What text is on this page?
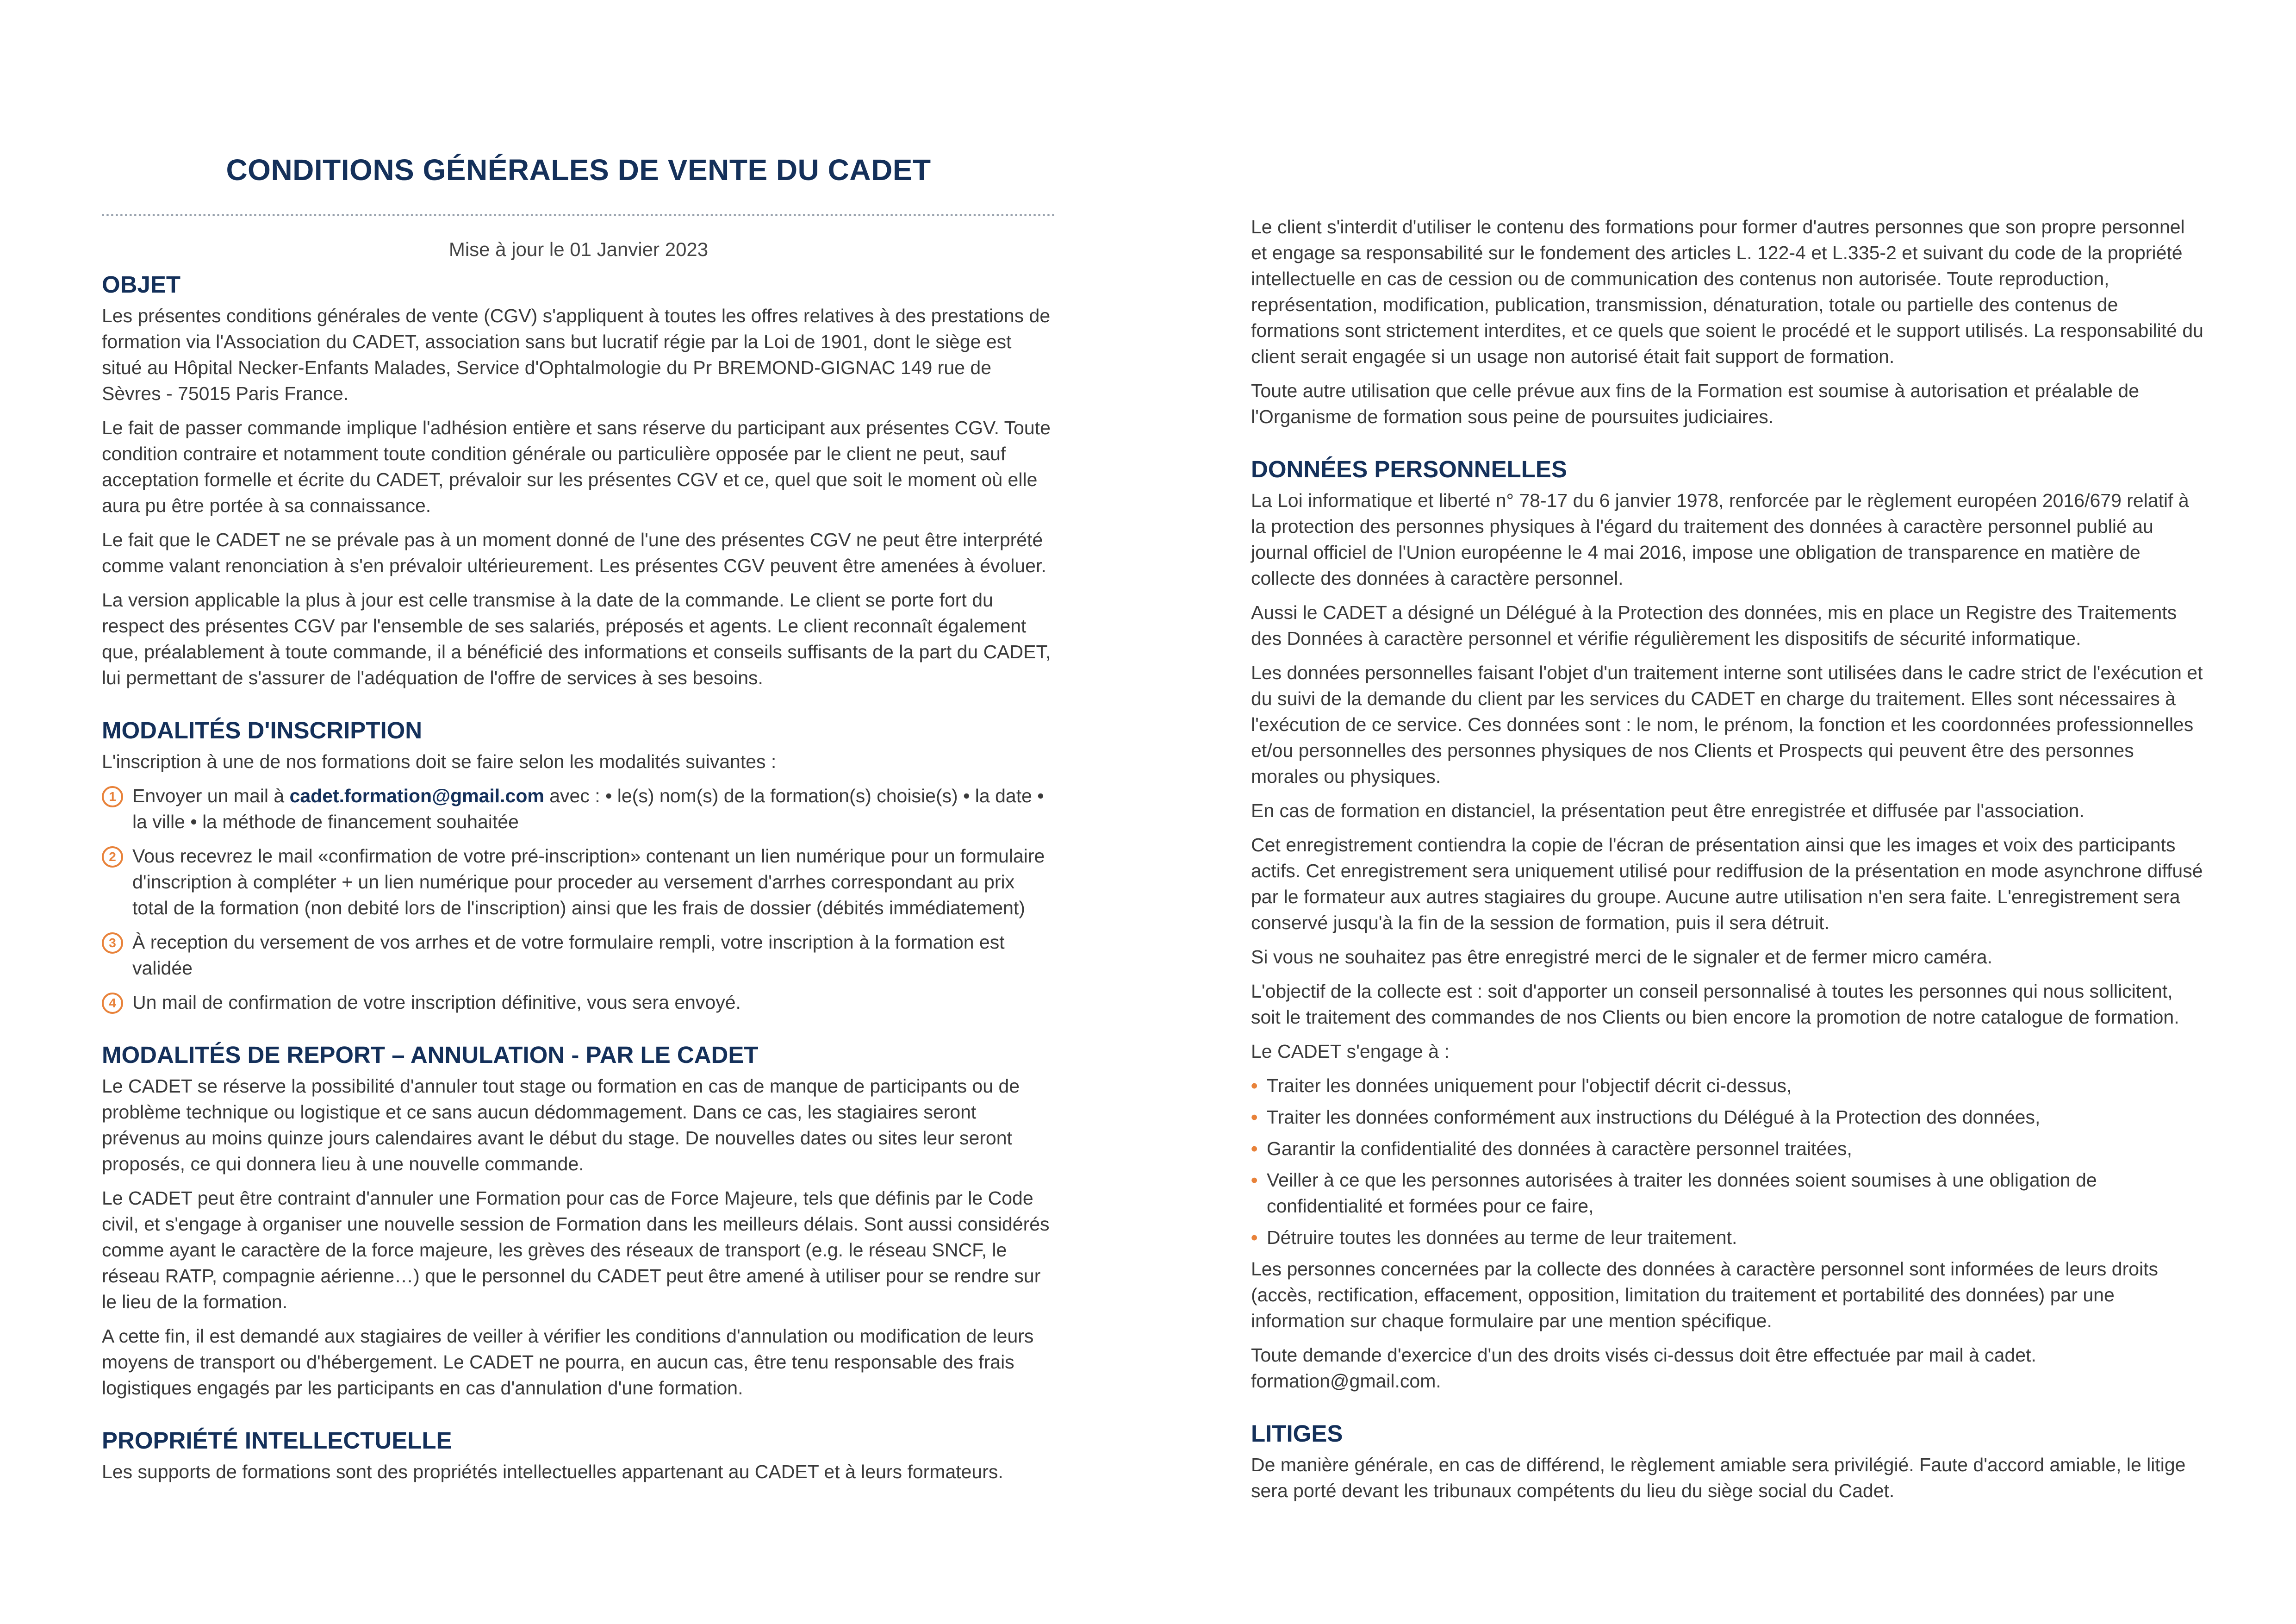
CONDITIONS GÉNÉRALES DE VENTE DU CADET

Mise à jour le 01 Janvier 2023

OBJET

Les présentes conditions générales de vente (CGV) s'appliquent à toutes les offres relatives à des prestations de formation via l'Association du CADET, association sans but lucratif régie par la Loi de 1901, dont le siège est situé au Hôpital Necker-Enfants Malades, Service d'Ophtalmologie du Pr BREMOND-GIGNAC 149 rue de Sèvres - 75015 Paris France.

Le fait de passer commande implique l'adhésion entière et sans réserve du participant aux présentes CGV. Toute condition contraire et notamment toute condition générale ou particulière opposée par le client ne peut, sauf acceptation formelle et écrite du CADET, prévaloir sur les présentes CGV et ce, quel que soit le moment où elle aura pu être portée à sa connaissance.

Le fait que le CADET ne se prévale pas à un moment donné de l'une des présentes CGV ne peut être interprété comme valant renonciation à s'en prévaloir ultérieurement. Les présentes CGV peuvent être amenées à évoluer.

La version applicable la plus à jour est celle transmise à la date de la commande. Le client se porte fort du respect des présentes CGV par l'ensemble de ses salariés, préposés et agents. Le client reconnaît également que, préalablement à toute commande, il a bénéficié des informations et conseils suffisants de la part du CADET, lui permettant de s'assurer de l'adéquation de l'offre de services à ses besoins.

MODALITÉS D'INSCRIPTION

L'inscription à une de nos formations doit se faire selon les modalités suivantes :

1 Envoyer un mail à cadet.formation@gmail.com avec : • le(s) nom(s) de la formation(s) choisie(s) • la date • la ville • la méthode de financement souhaitée
2 Vous recevrez le mail «confirmation de votre pré-inscription» contenant un lien numérique pour un formulaire d'inscription à compléter + un lien numérique pour proceder au versement d'arrhes correspondant au prix total de la formation (non debité lors de l'inscription) ainsi que les frais de dossier (débités immédiatement)
3 À reception du versement de vos arrhes et de votre formulaire rempli, votre inscription à la formation est validée
4 Un mail de confirmation de votre inscription définitive, vous sera envoyé.
MODALITÉS DE REPORT – ANNULATION - PAR LE CADET

Le CADET se réserve la possibilité d'annuler tout stage ou formation en cas de manque de participants ou de problème technique ou logistique et ce sans aucun dédommagement. Dans ce cas, les stagiaires seront prévenus au moins quinze jours calendaires avant le début du stage. De nouvelles dates ou sites leur seront proposés, ce qui donnera lieu à une nouvelle commande.

Le CADET peut être contraint d'annuler une Formation pour cas de Force Majeure, tels que définis par le Code civil, et s'engage à organiser une nouvelle session de Formation dans les meilleurs délais. Sont aussi considérés comme ayant le caractère de la force majeure, les grèves des réseaux de transport (e.g. le réseau SNCF, le réseau RATP, compagnie aérienne…) que le personnel du CADET peut être amené à utiliser pour se rendre sur le lieu de la formation.

A cette fin, il est demandé aux stagiaires de veiller à vérifier les conditions d'annulation ou modification de leurs moyens de transport ou d'hébergement. Le CADET ne pourra, en aucun cas, être tenu responsable des frais logistiques engagés par les participants en cas d'annulation d'une formation.

PROPRIÉTÉ INTELLECTUELLE

Les supports de formations sont des propriétés intellectuelles appartenant au CADET et à leurs formateurs.

Le client s'interdit d'utiliser le contenu des formations pour former d'autres personnes que son propre personnel et engage sa responsabilité sur le fondement des articles L. 122-4 et L.335-2 et suivant du code de la propriété intellectuelle en cas de cession ou de communication des contenus non autorisée. Toute reproduction, représentation, modification, publication, transmission, dénaturation, totale ou partielle des contenus de formations sont strictement interdites, et ce quels que soient le procédé et le support utilisés. La responsabilité du client serait engagée si un usage non autorisé était fait support de formation.

Toute autre utilisation que celle prévue aux fins de la Formation est soumise à autorisation et préalable de l'Organisme de formation sous peine de poursuites judiciaires.

DONNÉES PERSONNELLES

La Loi informatique et liberté n° 78-17 du 6 janvier 1978, renforcée par le règlement européen 2016/679 relatif à la protection des personnes physiques à l'égard du traitement des données à caractère personnel publié au journal officiel de l'Union européenne le 4 mai 2016, impose une obligation de transparence en matière de collecte des données à caractère personnel.

Aussi le CADET a désigné un Délégué à la Protection des données, mis en place un Registre des Traitements des Données à caractère personnel et vérifie régulièrement les dispositifs de sécurité informatique.

Les données personnelles faisant l'objet d'un traitement interne sont utilisées dans le cadre strict de l'exécution et du suivi de la demande du client par les services du CADET en charge du traitement. Elles sont nécessaires à l'exécution de ce service. Ces données sont : le nom, le prénom, la fonction et les coordonnées professionnelles et/ou personnelles des personnes physiques de nos Clients et Prospects qui peuvent être des personnes morales ou physiques.

En cas de formation en distanciel, la présentation peut être enregistrée et diffusée par l'association.

Cet enregistrement contiendra la copie de l'écran de présentation ainsi que les images et voix des participants actifs. Cet enregistrement sera uniquement utilisé pour rediffusion de la présentation en mode asynchrone diffusé par le formateur aux autres stagiaires du groupe. Aucune autre utilisation n'en sera faite. L'enregistrement sera conservé jusqu'à la fin de la session de formation, puis il sera détruit.

Si vous ne souhaitez pas être enregistré merci de le signaler et de fermer micro caméra.

L'objectif de la collecte est : soit d'apporter un conseil personnalisé à toutes les personnes qui nous sollicitent, soit le traitement des commandes de nos Clients ou bien encore la promotion de notre catalogue de formation.

Le CADET s'engage à :

• Traiter les données uniquement pour l'objectif décrit ci-dessus,
• Traiter les données conformément aux instructions du Délégué à la Protection des données,
• Garantir la confidentialité des données à caractère personnel traitées,
• Veiller à ce que les personnes autorisées à traiter les données soient soumises à une obligation de confidentialité et formées pour ce faire,
• Détruire toutes les données au terme de leur traitement.

Les personnes concernées par la collecte des données à caractère personnel sont informées de leurs droits (accès, rectification, effacement, opposition, limitation du traitement et portabilité des données) par une information sur chaque formulaire par une mention spécifique.

Toute demande d'exercice d'un des droits visés ci-dessus doit être effectuée par mail à cadet. formation@gmail.com.

LITIGES

De manière générale, en cas de différend, le règlement amiable sera privilégié. Faute d'accord amiable, le litige sera porté devant les tribunaux compétents du lieu du siège social du Cadet.
